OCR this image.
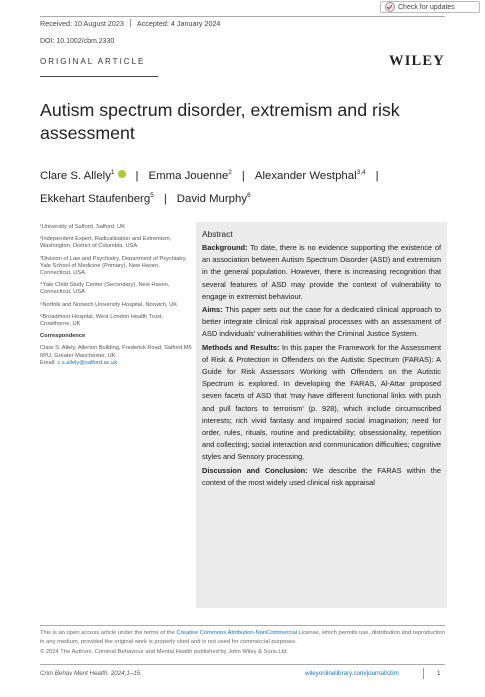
Check for updates
Received: 10 August 2023 Accepted: 4 January 2024
DOI: 10.1002/cbm.2330
ORIGINAL ARTICLE	WILEY
Autism spectrum disorder, extremism and risk assessment
Clare S. Allely$^1$ | Emma Jouenne$^2$ | Alexander Westphal$^{3,4}$ |
Ekkehart Staufenberg$^5$ | David Murphy$^6$

¹University of Salford, Salford, UK

²Independent Expert, Radicalisation and Extremism, Washington, District of Columbia, USA

³Division of Law and Psychiatry, Department of Psychiatry, Yale School of Medicine (Primary), New Haven, Connecticut, USA

⁴Yale Child Study Center (Secondary), New Haven, Connecticut, USA

⁵Norfolk and Norwich University Hospital, Norwich, UK

⁶Broadmoor Hospital, West London Health Trust, Crowthorne, UK

Correspondence

Clare S. Allely, Allerton Building, Frederick Road, Salford M6 6PU, Greater Manchester, UK.
Email: c.s.allely@salford.ac.uk

Abstract

Background: To date, there is no evidence supporting the existence of an association between Autism Spectrum Disorder (ASD) and extremism in the general population. However, there is increasing recognition that several features of ASD may provide the context of vulnerability to engage in extremist behaviour.

Aims: This paper sets out the case for a dedicated clinical approach to better integrate clinical risk appraisal processes with an assessment of ASD individuals' vulnerabilities within the Criminal Justice System.

Methods and Results: In this paper the Framework for the Assessment of Risk & Protection in Offenders on the Autistic Spectrum (FARAS): A Guide for Risk Assessors Working with Offenders on the Autistic Spectrum is explored. In developing the FARAS, Al-Attar proposed seven facets of ASD that 'may have different functional links with push and pull factors to terrorism' (p. 928), which include circumscribed interests; rich vivid fantasy and impaired social imagination; need for order, rules, rituals, routine and predictability; obsessionality, repetition and collecting; social interaction and communication difficulties; cognitive styles and Sensory processing.

Discussion and Conclusion: We describe the FARAS within the context of the most widely used clinical risk appraisal

This is an open access article under the terms of the Creative Commons Attribution-NonCommercial License, which permits use, distribution and reproduction in any medium, provided the original work is properly cited and is not used for commercial purposes.
© 2024 The Authors. Criminal Behaviour and Mental Health published by John Wiley & Sons Ltd.
Crim Behav Ment Health. 2024;1–15.	wileyonlinelibrary.com/journal/cbm	1
